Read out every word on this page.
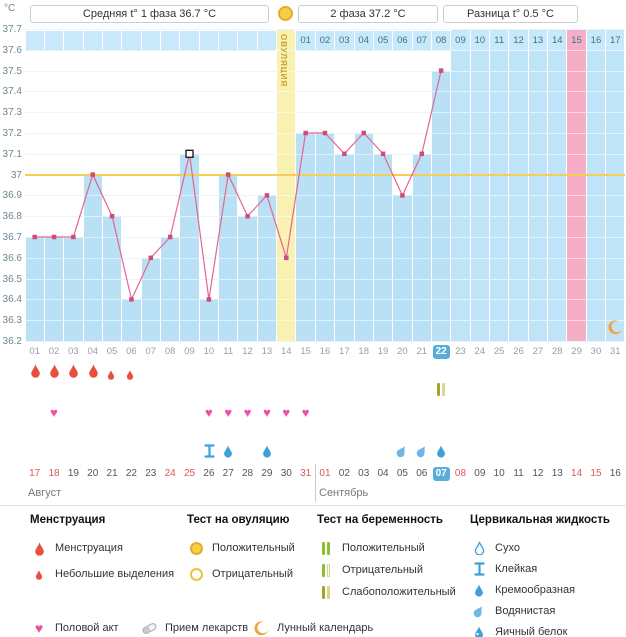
°C	Средняя t° 1 фаза 36.7 °C	2 фаза 37.2 °C	Разница t° 0.5 °C
ОВУЛЯЦИЯ
Август	Сентябрь
37.7
37.6
37.5
37.4
37.3
37.2
37.1
37
36.9
36.8
36.7
36.6
36.5
36.4
36.3
36.2
01 02 03 04 05 06 07 08 09 10 11 12 13 14 15 16 17
01 02 03 04 05 06 07 08 09 10 11 12 13 14 15 16 17 18 19 20 21 22 23 24 25 26 27 28 29 30 31
♥	♥ ♥ ♥ ♥ ♥ ♥
17 18 19 20 21 22 23 24 25 26 27 28 29 30 31 01 02 03 04 05 06 07 08 09 10 11 12 13 14 15 16
Менструация
Менструация
Небольшие выделения
Тест на овуляцию
Положительный
Отрицательный
Тест на беременность
Положительный
Отрицательный
Слабоположительный
Цервикальная жидкость
Сухо
Клейкая
Кремообразная
Водянистая
Яичный белок
♥ Половой акт	Прием лекарств	Лунный календарь
